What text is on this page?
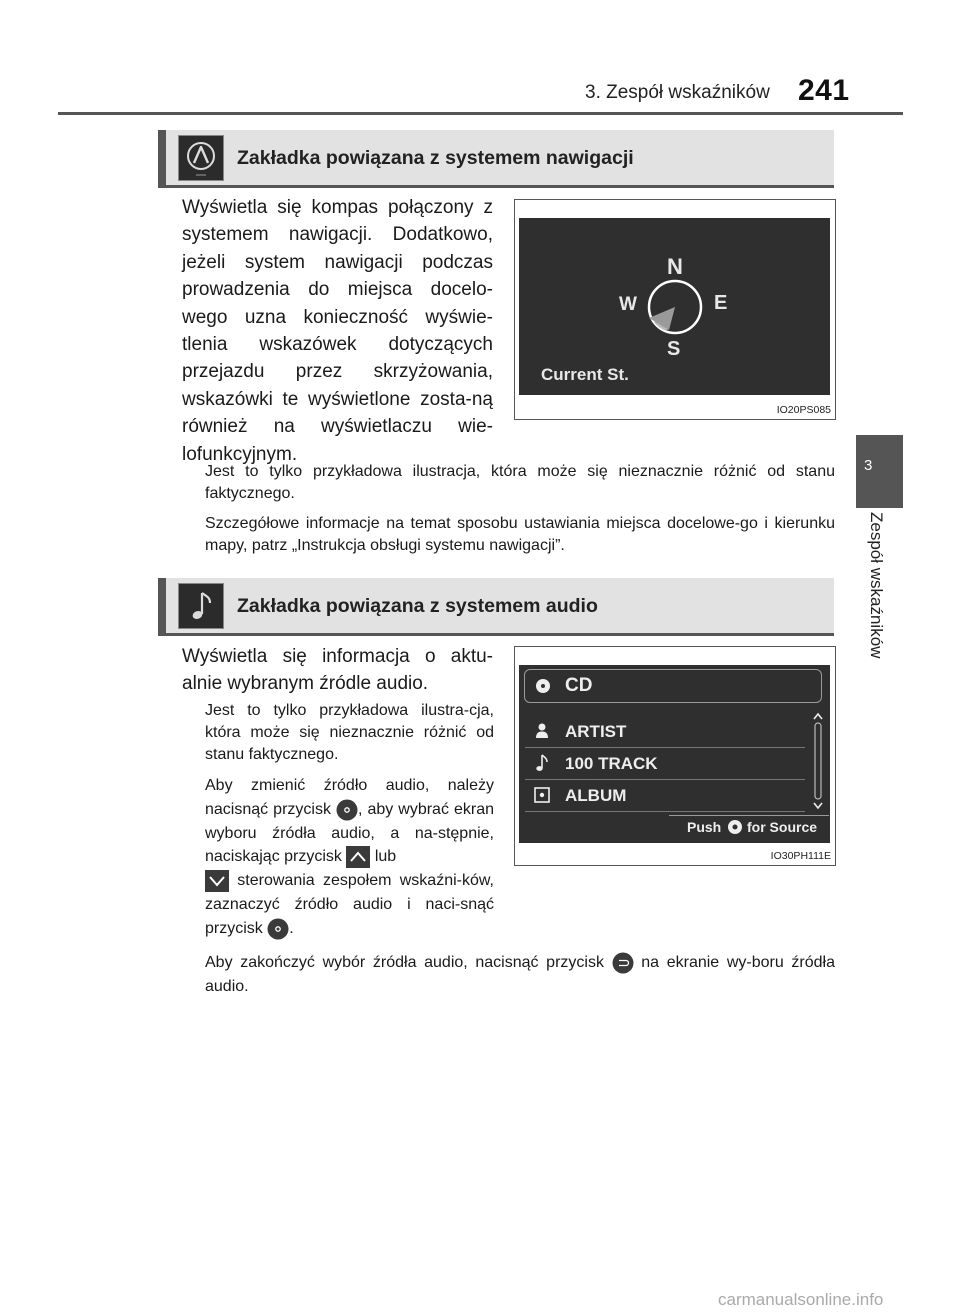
3. Zespół wskaźników 241
3
Zespół wskaźników
Zakładka powiązana z systemem nawigacji
Wyświetla się kompas połączony z systemem nawigacji. Dodatkowo, jeżeli system nawigacji podczas prowadzenia do miejsca docelo-wego uzna konieczność wyświe-tlenia wskazówek dotyczących przejazdu przez skrzyżowania, wskazówki te wyświetlone zosta-ną również na wyświetlaczu wie-lofunkcyjnym.
N
E
S
W
Current St.
IO20PS085
Jest to tylko przykładowa ilustracja, która może się nieznacznie różnić od stanu faktycznego.
Szczegółowe informacje na temat sposobu ustawiania miejsca docelowe-go i kierunku mapy, patrz „Instrukcja obsługi systemu nawigacji”.
Zakładka powiązana z systemem audio
Wyświetla się informacja o aktu-alnie wybranym źródle audio.
Jest to tylko przykładowa ilustra-cja, która może się nieznacznie różnić od stanu faktycznego.
Aby zmienić źródło audio, należy nacisnąć przycisk , aby wybrać ekran wyboru źródła audio, a na-stępnie, naciskając przycisk lub
sterowania zespołem wskaźni-ków, zaznaczyć źródło audio i naci-snąć przycisk .
Aby zakończyć wybór źródła audio, nacisnąć przycisk na ekranie wy-boru źródła audio.
CD
ARTIST
100 TRACK
ALBUM
Push for Source
IO30PH111E
carmanualsonline.info
